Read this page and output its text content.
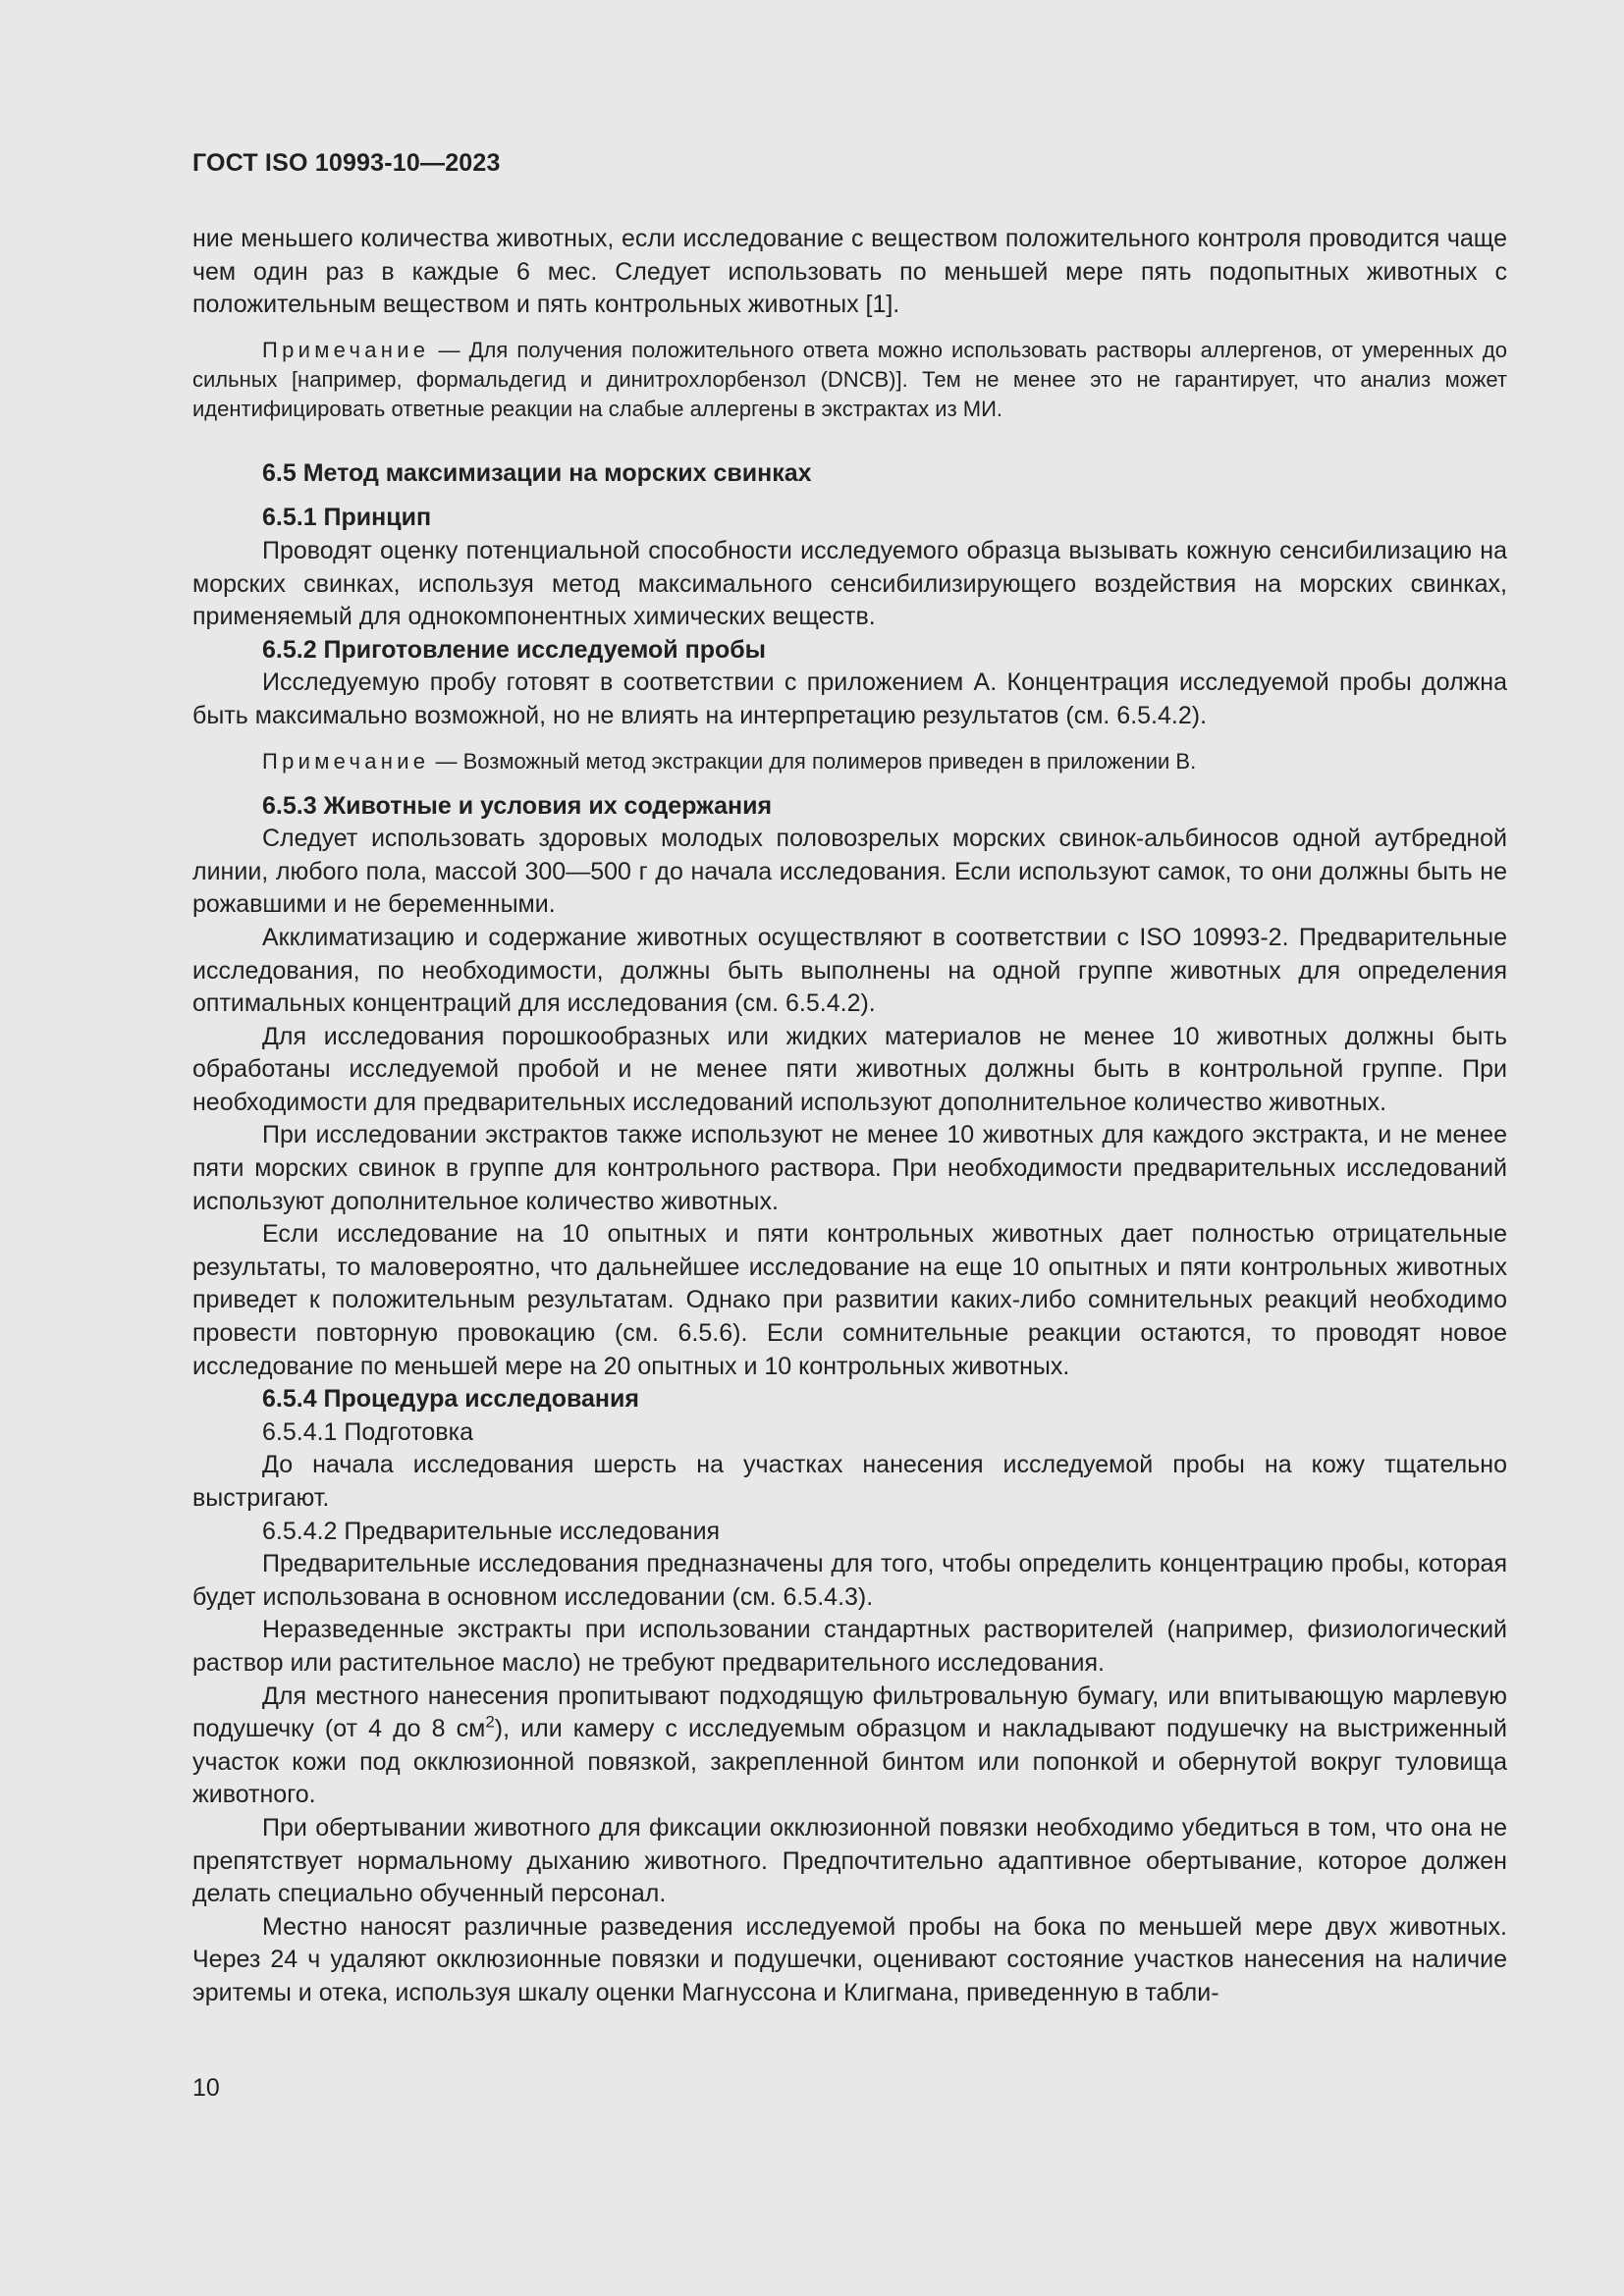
ГОСТ ISO 10993-10—2023

ние меньшего количества животных, если исследование с веществом положительного контроля проводится чаще чем один раз в каждые 6 мес. Следует использовать по меньшей мере пять подопытных животных с положительным веществом и пять контрольных животных [1].

Примечание — Для получения положительного ответа можно использовать растворы аллергенов, от умеренных до сильных [например, формальдегид и динитрохлорбензол (DNCB)]. Тем не менее это не гарантирует, что анализ может идентифицировать ответные реакции на слабые аллергены в экстрактах из МИ.

6.5 Метод максимизации на морских свинках

6.5.1 Принцип

Проводят оценку потенциальной способности исследуемого образца вызывать кожную сенсибилизацию на морских свинках, используя метод максимального сенсибилизирующего воздействия на морских свинках, применяемый для однокомпонентных химических веществ.

6.5.2 Приготовление исследуемой пробы

Исследуемую пробу готовят в соответствии с приложением А. Концентрация исследуемой пробы должна быть максимально возможной, но не влиять на интерпретацию результатов (см. 6.5.4.2).

Примечание — Возможный метод экстракции для полимеров приведен в приложении В.

6.5.3 Животные и условия их содержания

Следует использовать здоровых молодых половозрелых морских свинок-альбиносов одной аутбредной линии, любого пола, массой 300—500 г до начала исследования. Если используют самок, то они должны быть не рожавшими и не беременными.

Акклиматизацию и содержание животных осуществляют в соответствии с ISO 10993-2. Предварительные исследования, по необходимости, должны быть выполнены на одной группе животных для определения оптимальных концентраций для исследования (см. 6.5.4.2).

Для исследования порошкообразных или жидких материалов не менее 10 животных должны быть обработаны исследуемой пробой и не менее пяти животных должны быть в контрольной группе. При необходимости для предварительных исследований используют дополнительное количество животных.

При исследовании экстрактов также используют не менее 10 животных для каждого экстракта, и не менее пяти морских свинок в группе для контрольного раствора. При необходимости предварительных исследований используют дополнительное количество животных.

Если исследование на 10 опытных и пяти контрольных животных дает полностью отрицательные результаты, то маловероятно, что дальнейшее исследование на еще 10 опытных и пяти контрольных животных приведет к положительным результатам. Однако при развитии каких-либо сомнительных реакций необходимо провести повторную провокацию (см. 6.5.6). Если сомнительные реакции остаются, то проводят новое исследование по меньшей мере на 20 опытных и 10 контрольных животных.

6.5.4 Процедура исследования

6.5.4.1 Подготовка

До начала исследования шерсть на участках нанесения исследуемой пробы на кожу тщательно выстригают.

6.5.4.2 Предварительные исследования

Предварительные исследования предназначены для того, чтобы определить концентрацию пробы, которая будет использована в основном исследовании (см. 6.5.4.3).

Неразведенные экстракты при использовании стандартных растворителей (например, физиологический раствор или растительное масло) не требуют предварительного исследования.

Для местного нанесения пропитывают подходящую фильтровальную бумагу, или впитывающую марлевую подушечку (от 4 до 8 $см^2$), или камеру с исследуемым образцом и накладывают подушечку на выстриженный участок кожи под окклюзионной повязкой, закрепленной бинтом или попонкой и обернутой вокруг туловища животного.

При обертывании животного для фиксации окклюзионной повязки необходимо убедиться в том, что она не препятствует нормальному дыханию животного. Предпочтительно адаптивное обертывание, которое должен делать специально обученный персонал.

Местно наносят различные разведения исследуемой пробы на бока по меньшей мере двух животных. Через 24 ч удаляют окклюзионные повязки и подушечки, оценивают состояние участков нанесения на наличие эритемы и отека, используя шкалу оценки Магнуссона и Клигмана, приведенную в табли-

10
